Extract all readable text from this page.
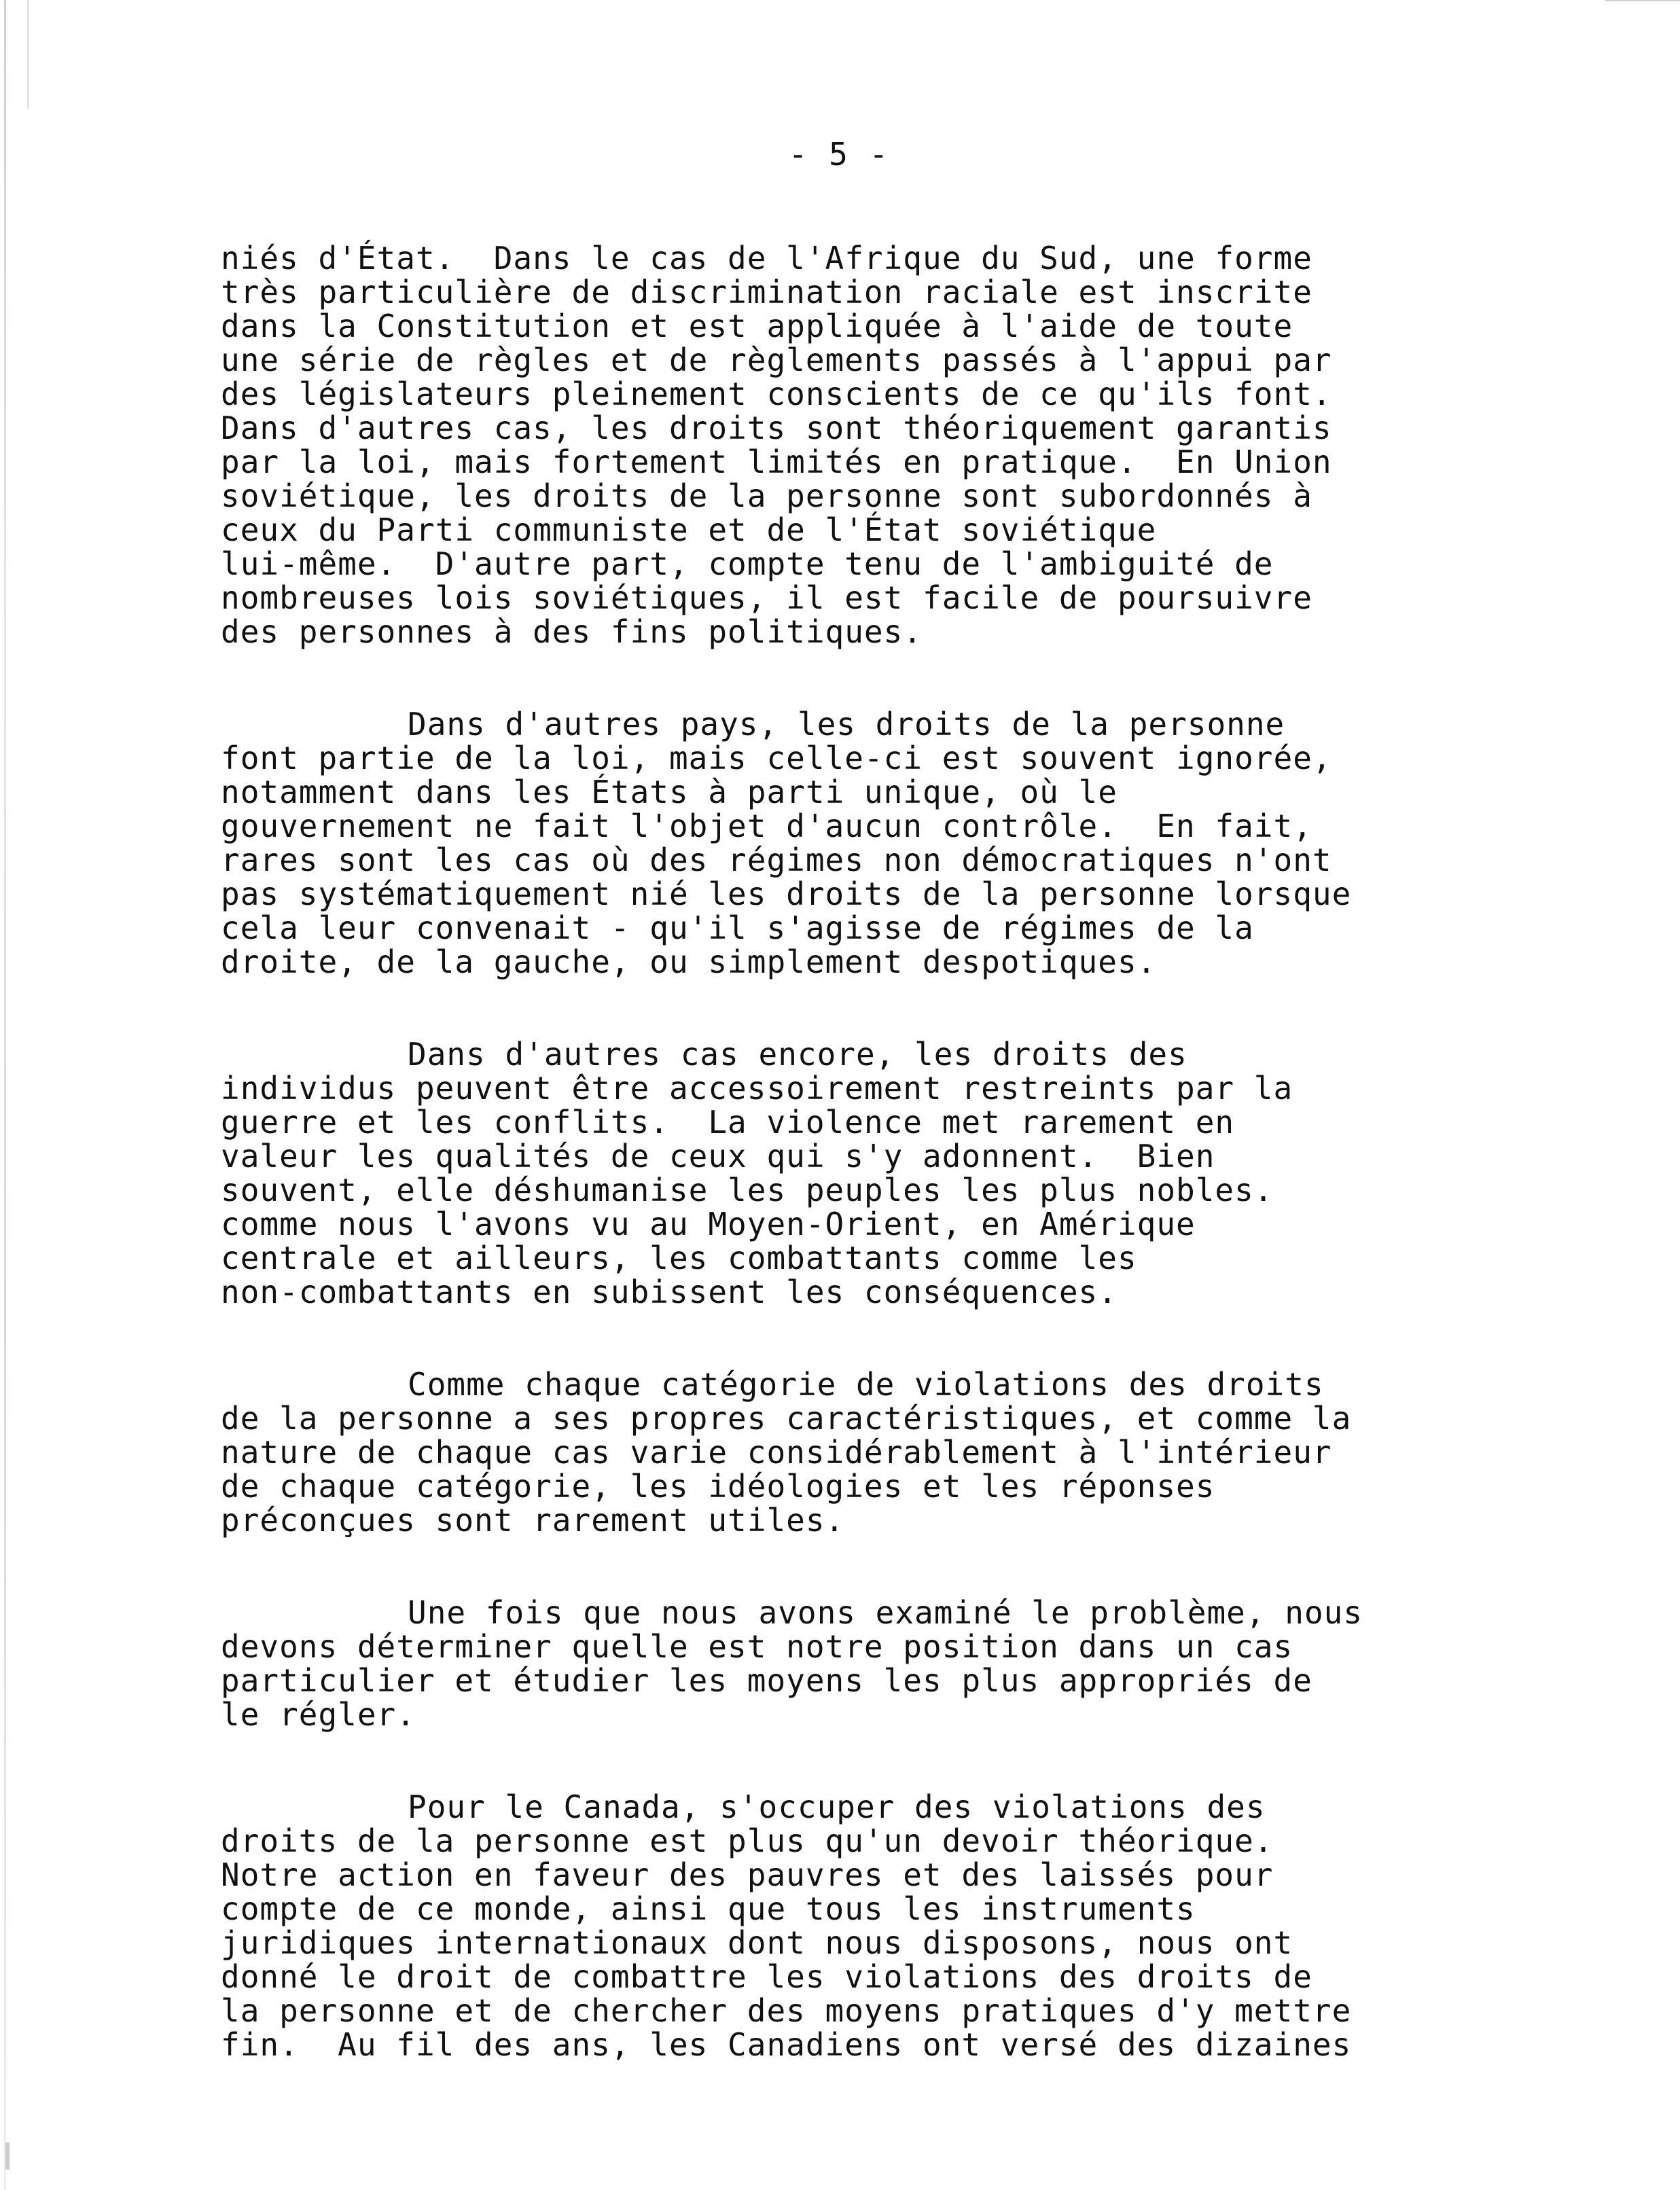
- 5 -
niés d'État.  Dans le cas de l'Afrique du Sud, une forme
très particulière de discrimination raciale est inscrite
dans la Constitution et est appliquée à l'aide de toute
une série de règles et de règlements passés à l'appui par
des législateurs pleinement conscients de ce qu'ils font.
Dans d'autres cas, les droits sont théoriquement garantis
par la loi, mais fortement limités en pratique.  En Union
soviétique, les droits de la personne sont subordonnés à
ceux du Parti communiste et de l'État soviétique
lui-même.  D'autre part, compte tenu de l'ambiguité de
nombreuses lois soviétiques, il est facile de poursuivre
des personnes à des fins politiques.
Dans d'autres pays, les droits de la personne
font partie de la loi, mais celle-ci est souvent ignorée,
notamment dans les États à parti unique, où le
gouvernement ne fait l'objet d'aucun contrôle.  En fait,
rares sont les cas où des régimes non démocratiques n'ont
pas systématiquement nié les droits de la personne lorsque
cela leur convenait - qu'il s'agisse de régimes de la
droite, de la gauche, ou simplement despotiques.
Dans d'autres cas encore, les droits des
individus peuvent être accessoirement restreints par la
guerre et les conflits.  La violence met rarement en
valeur les qualités de ceux qui s'y adonnent.  Bien
souvent, elle déshumanise les peuples les plus nobles.
comme nous l'avons vu au Moyen-Orient, en Amérique
centrale et ailleurs, les combattants comme les
non-combattants en subissent les conséquences.
Comme chaque catégorie de violations des droits
de la personne a ses propres caractéristiques, et comme la
nature de chaque cas varie considérablement à l'intérieur
de chaque catégorie, les idéologies et les réponses
préconçues sont rarement utiles.
Une fois que nous avons examiné le problème, nous
devons déterminer quelle est notre position dans un cas
particulier et étudier les moyens les plus appropriés de
le régler.
Pour le Canada, s'occuper des violations des
droits de la personne est plus qu'un devoir théorique.
Notre action en faveur des pauvres et des laissés pour
compte de ce monde, ainsi que tous les instruments
juridiques internationaux dont nous disposons, nous ont
donné le droit de combattre les violations des droits de
la personne et de chercher des moyens pratiques d'y mettre
fin.  Au fil des ans, les Canadiens ont versé des dizaines
